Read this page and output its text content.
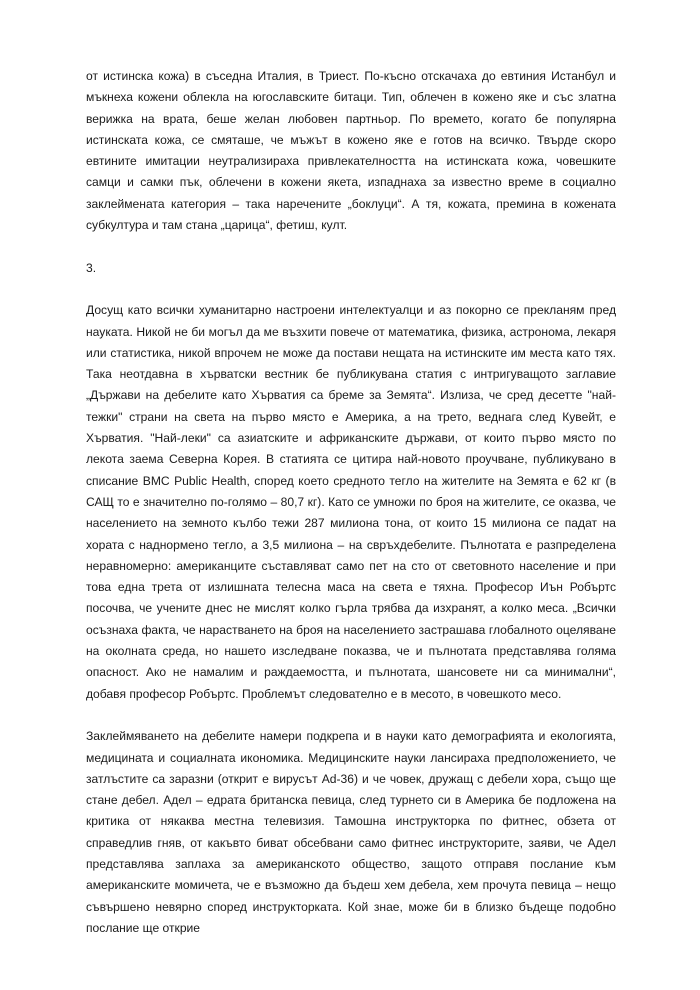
от истинска кожа) в съседна Италия, в Триест. По-късно отскачаха до евтиния Истанбул и мъкнеха кожени облекла на югославските битаци. Тип, облечен в кожено яке и със златна верижка на врата, беше желан любовен партньор. По времето, когато бе популярна истинската кожа, се смяташе, че мъжът в кожено яке е готов на всичко. Твърде скоро евтините имитации неутрализираха привлекателността на истинската кожа, човешките самци и самки пък, облечени в кожени якета, изпаднаха за известно време в социално заклеймената категория – така наречените „боклуци“. А тя, кожата, премина в кожената субкултура и там стана „царица“, фетиш, култ.

3.

Досущ като всички хуманитарно настроени интелектуалци и аз покорно се прекланям пред науката. Никой не би могъл да ме възхити повече от математика, физика, астронома, лекаря или статистика, никой впрочем не може да постави нещата на истинските им места като тях. Така неотдавна в хърватски вестник бе публикувана статия с интригуващото заглавие „Държави на дебелите като Хърватия са бреме за Земята“. Излиза, че сред десетте "най-тежки" страни на света на първо място е Америка, а на трето, веднага след Кувейт, е Хърватия. "Най-леки" са азиатските и африканските държави, от които първо място по лекота заема Северна Корея. В статията се цитира най-новото проучване, публикувано в списание BMC Public Health, според което средното тегло на жителите на Земята е 62 кг (в САЩ то е значително по-голямо – 80,7 кг). Като се умножи по броя на жителите, се оказва, че населението на земното кълбо тежи 287 милиона тона, от които 15 милиона се падат на хората с наднормено тегло, а 3,5 милиона – на свръхдебелите. Пълнотата е разпределена неравномерно: американците съставляват само пет на сто от световното население и при това една трета от излишната телесна маса на света е тяхна. Професор Иън Робъртс посочва, че учените днес не мислят колко гърла трябва да изхранят, а колко меса. „Всички осъзнаха факта, че нарастването на броя на населението застрашава глобалното оцеляване на околната среда, но нашето изследване показва, че и пълнотата представлява голяма опасност. Ако не намалим и раждаемостта, и пълнотата, шансовете ни са минимални“, добавя професор Робъртс. Проблемът следователно е в месото, в човешкото месо.

Заклеймяването на дебелите намери подкрепа и в науки като демографията и екологията, медицината и социалната икономика. Медицинските науки лансираха предположението, че затлъстите са заразни (открит е вирусът Ad-36) и че човек, дружащ с дебели хора, също ще стане дебел. Адел – едрата британска певица, след турнето си в Америка бе подложена на критика от някаква местна телевизия. Тамошна инструкторка по фитнес, обзета от справедлив гняв, от какъвто биват обсебвани само фитнес инструкторите, заяви, че Адел представлява заплаха за американското общество, защото отправя послание към американските момичета, че е възможно да бъдеш хем дебела, хем прочута певица – нещо съвършено невярно според инструкторката. Кой знае, може би в близко бъдеще подобно послание ще открие
